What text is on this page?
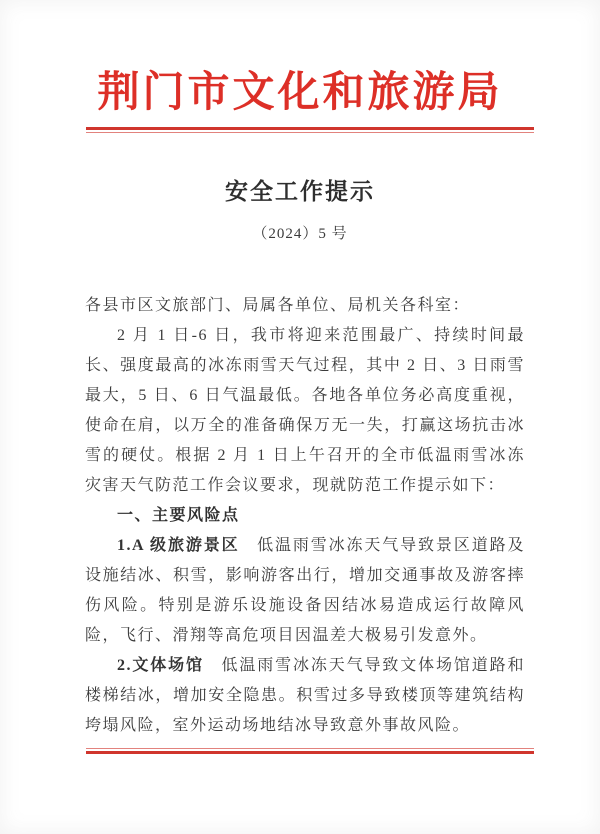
荆门市文化和旅游局
安全工作提示
（2024）5 号

各县市区文旅部门、局属各单位、局机关各科室：

2 月 1 日-6 日，我市将迎来范围最广、持续时间最长、强度最高的冰冻雨雪天气过程，其中 2 日、3 日雨雪最大，5 日、6 日气温最低。各地各单位务必高度重视，使命在肩，以万全的准备确保万无一失，打赢这场抗击冰雪的硬仗。根据 2 月 1 日上午召开的全市低温雨雪冰冻灾害天气防范工作会议要求，现就防范工作提示如下：

一、主要风险点

1.A 级旅游景区 低温雨雪冰冻天气导致景区道路及设施结冰、积雪，影响游客出行，增加交通事故及游客摔伤风险。特别是游乐设施设备因结冰易造成运行故障风险，飞行、滑翔等高危项目因温差大极易引发意外。

2.文体场馆 低温雨雪冰冻天气导致文体场馆道路和楼梯结冰，增加安全隐患。积雪过多导致楼顶等建筑结构垮塌风险，室外运动场地结冰导致意外事故风险。
